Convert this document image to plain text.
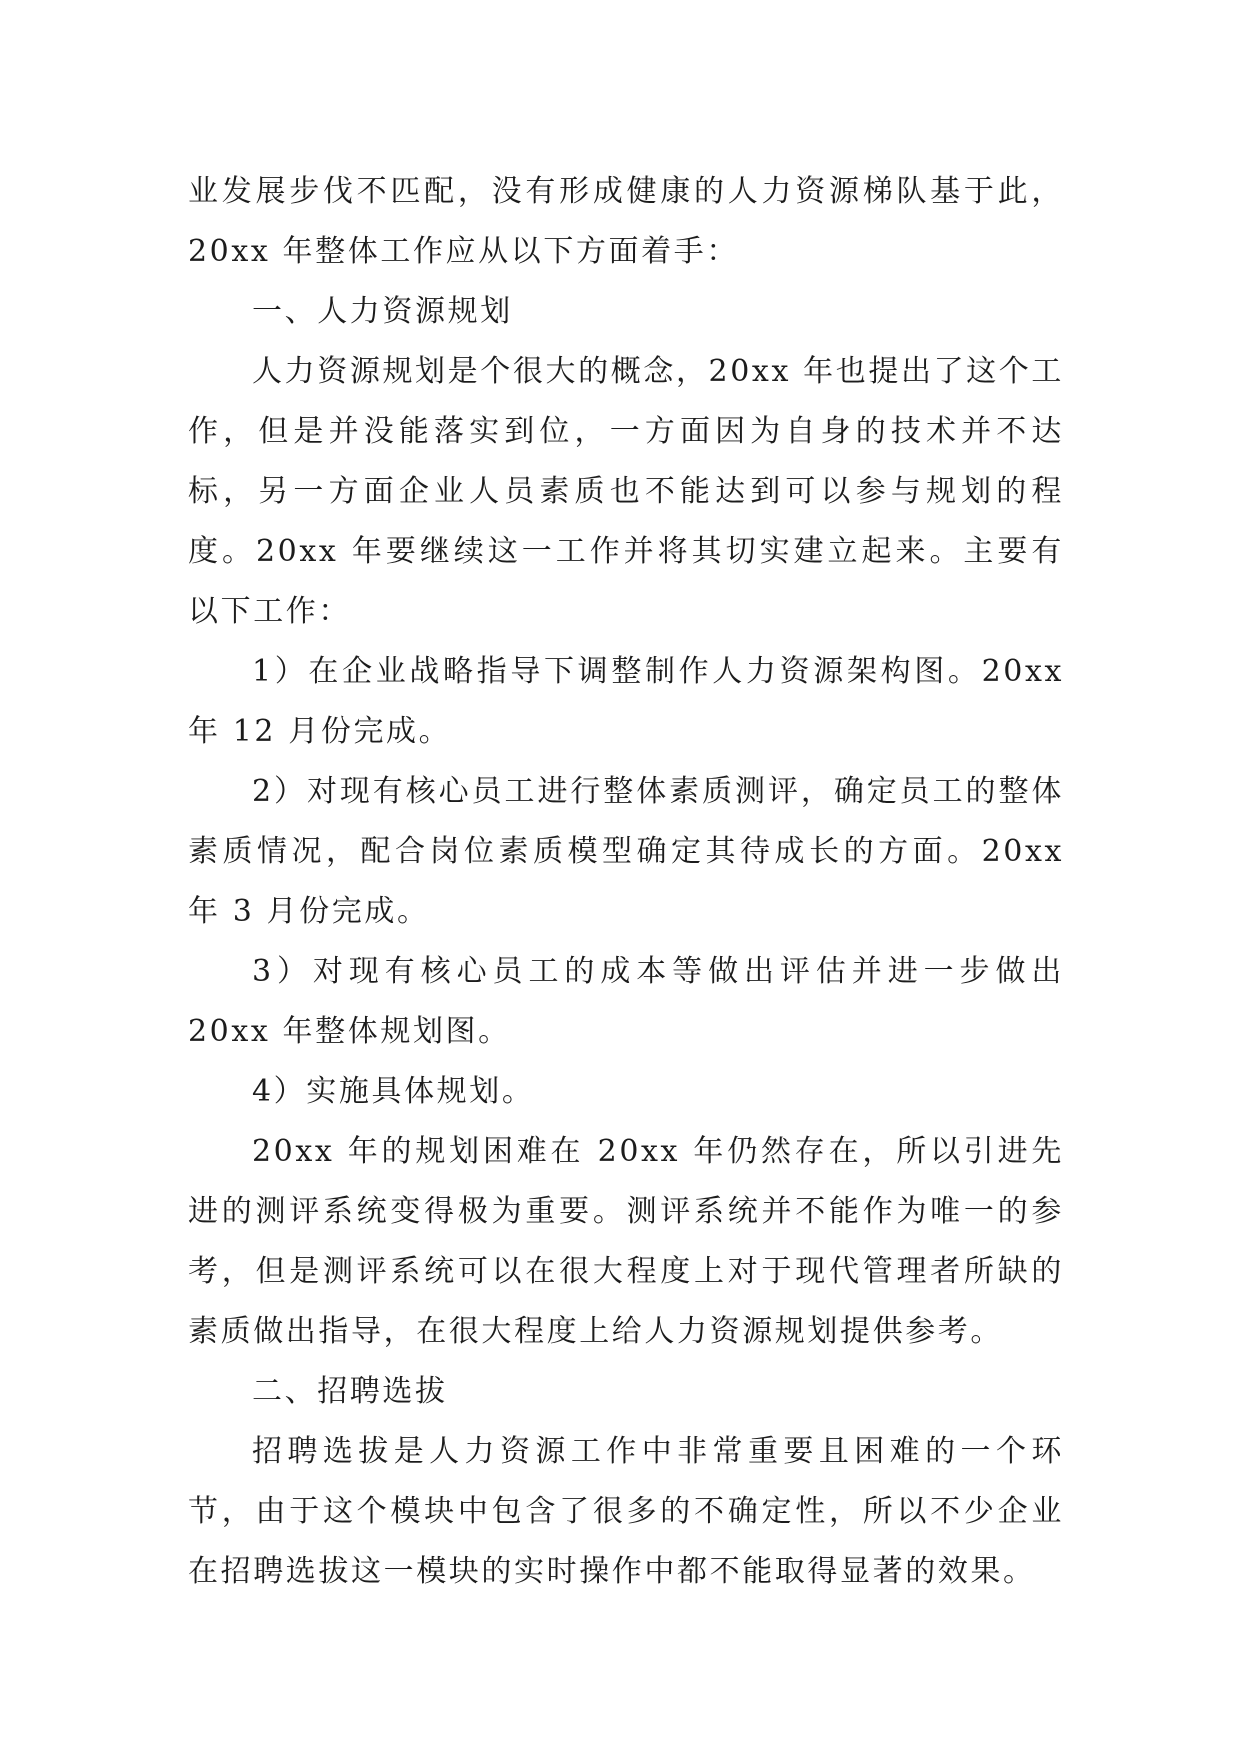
业发展步伐不匹配，没有形成健康的人力资源梯队基于此，20xx 年整体工作应从以下方面着手：

一、人力资源规划

人力资源规划是个很大的概念，20xx 年也提出了这个工作，但是并没能落实到位，一方面因为自身的技术并不达标，另一方面企业人员素质也不能达到可以参与规划的程度。20xx 年要继续这一工作并将其切实建立起来。主要有以下工作：

1）在企业战略指导下调整制作人力资源架构图。20xx 年 12 月份完成。

2）对现有核心员工进行整体素质测评，确定员工的整体素质情况，配合岗位素质模型确定其待成长的方面。20xx 年 3 月份完成。

3）对现有核心员工的成本等做出评估并进一步做出 20xx 年整体规划图。

4）实施具体规划。

20xx 年的规划困难在 20xx 年仍然存在，所以引进先进的测评系统变得极为重要。测评系统并不能作为唯一的参考，但是测评系统可以在很大程度上对于现代管理者所缺的素质做出指导，在很大程度上给人力资源规划提供参考。

二、招聘选拔

招聘选拔是人力资源工作中非常重要且困难的一个环节，由于这个模块中包含了很多的不确定性，所以不少企业在招聘选拔这一模块的实时操作中都不能取得显著的效果。
